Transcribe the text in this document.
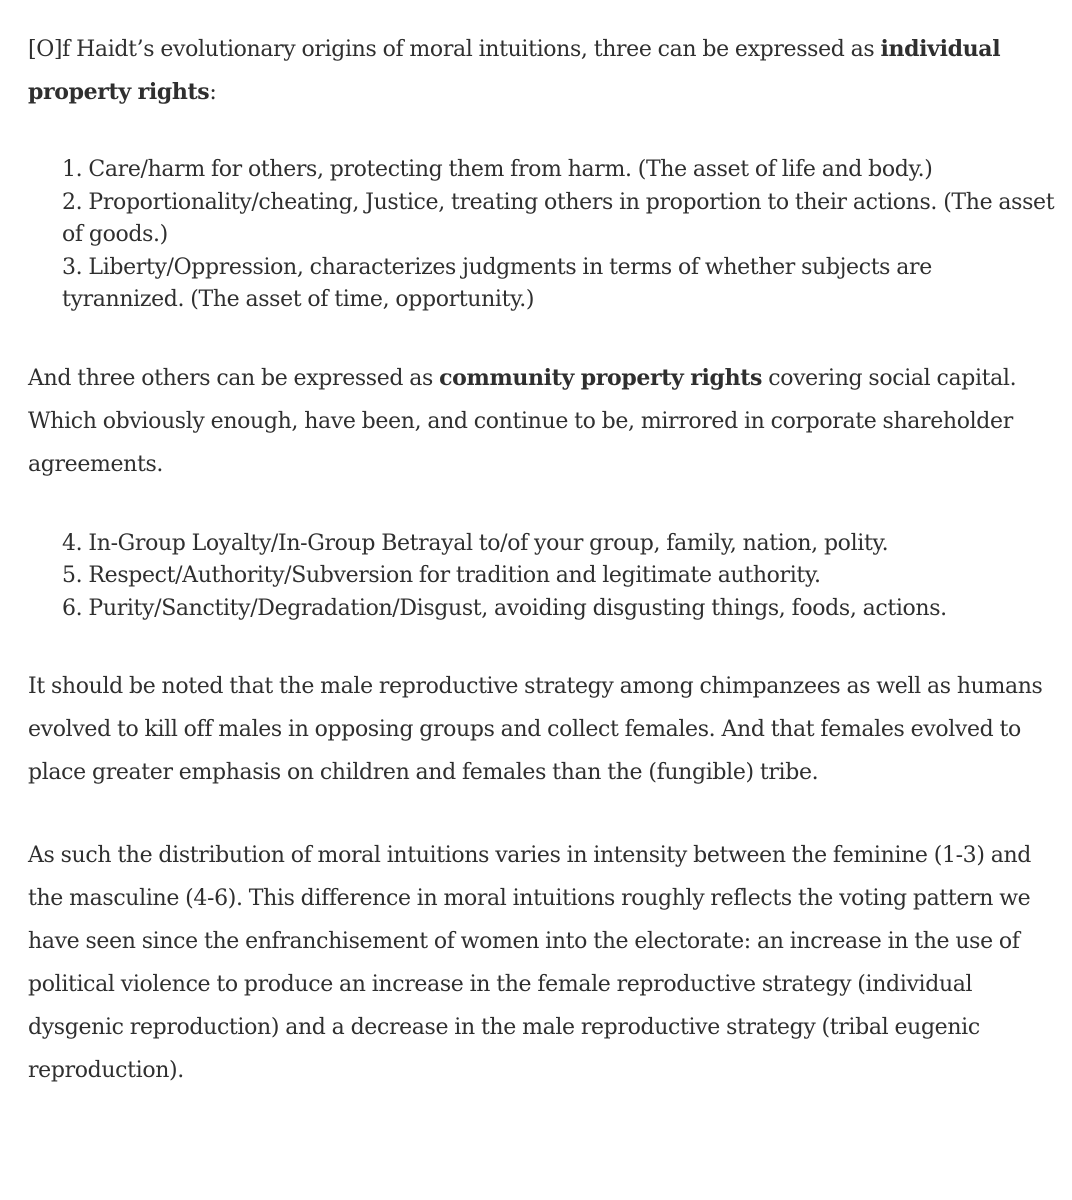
[O]f Haidt’s evolutionary origins of moral intuitions, three can be expressed as individual property rights:

1. Care/harm for others, protecting them from harm. (The asset of life and body.)
2. Proportionality/cheating, Justice, treating others in proportion to their actions. (The asset of goods.)
3. Liberty/Oppression, characterizes judgments in terms of whether subjects are tyrannized. (The asset of time, opportunity.)

And three others can be expressed as community property rights covering social capital. Which obviously enough, have been, and continue to be, mirrored in corporate shareholder agreements.

4. In-Group Loyalty/In-Group Betrayal to/of your group, family, nation, polity.
5. Respect/Authority/Subversion for tradition and legitimate authority.
6. Purity/Sanctity/Degradation/Disgust, avoiding disgusting things, foods, actions.

It should be noted that the male reproductive strategy among chimpanzees as well as humans evolved to kill off males in opposing groups and collect females. And that females evolved to place greater emphasis on children and females than the (fungible) tribe.

As such the distribution of moral intuitions varies in intensity between the feminine (1-3) and the masculine (4-6). This difference in moral intuitions roughly reflects the voting pattern we have seen since the enfranchisement of women into the electorate: an increase in the use of political violence to produce an increase in the female reproductive strategy (individual dysgenic reproduction) and a decrease in the male reproductive strategy (tribal eugenic reproduction).
